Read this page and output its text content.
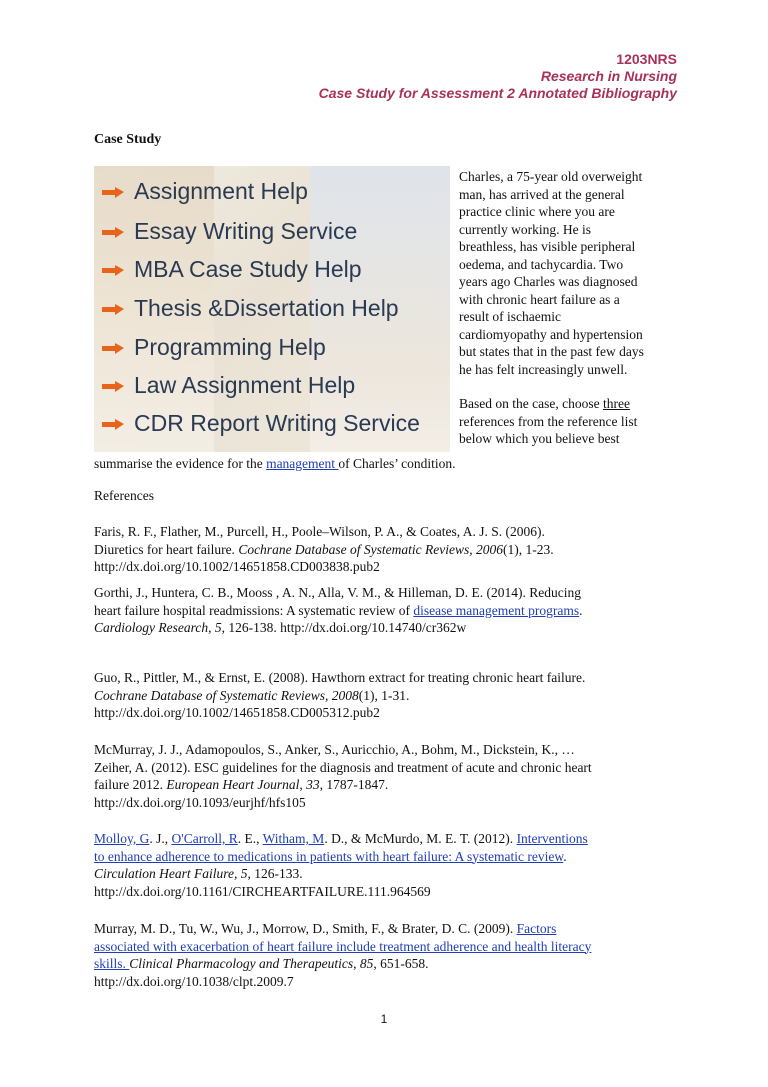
1203NRS
Research in Nursing
Case Study for Assessment 2 Annotated Bibliography
Case Study
Assignment Help
Essay Writing Service
MBA Case Study Help
Thesis &Dissertation Help
Programming Help
Law Assignment Help
CDR Report Writing Service

Charles, a 75-year old overweight

man, has arrived at the general

practice clinic where you are

currently working. He is

breathless, has visible peripheral

oedema, and tachycardia. Two

years ago Charles was diagnosed

with chronic heart failure as a

result of ischaemic

cardiomyopathy and hypertension

but states that in the past few days

he has felt increasingly unwell.

Based on the case, choose three

references from the reference list

below which you believe best

summarise the evidence for the management of Charles’ condition.
References

Faris, R. F., Flather, M., Purcell, H., Poole–Wilson, P. A., & Coates, A. J. S. (2006).

Diuretics for heart failure. Cochrane Database of Systematic Reviews, 2006(1), 1-23.

http://dx.doi.org/10.1002/14651858.CD003838.pub2

Gorthi, J., Huntera, C. B., Mooss , A. N., Alla, V. M., & Hilleman, D. E. (2014). Reducing

heart failure hospital readmissions: A systematic review of disease management programs.

Cardiology Research, 5, 126-138. http://dx.doi.org/10.14740/cr362w

Guo, R., Pittler, M., & Ernst, E. (2008). Hawthorn extract for treating chronic heart failure.

Cochrane Database of Systematic Reviews, 2008(1), 1-31.

http://dx.doi.org/10.1002/14651858.CD005312.pub2

McMurray, J. J., Adamopoulos, S., Anker, S., Auricchio, A., Bohm, M., Dickstein, K., …

Zeiher, A. (2012). ESC guidelines for the diagnosis and treatment of acute and chronic heart

failure 2012. European Heart Journal, 33, 1787-1847.

http://dx.doi.org/10.1093/eurjhf/hfs105

Molloy, G. J., O'Carroll, R. E., Witham, M. D., & McMurdo, M. E. T. (2012). Interventions

to enhance adherence to medications in patients with heart failure: A systematic review.

Circulation Heart Failure, 5, 126-133.

http://dx.doi.org/10.1161/CIRCHEARTFAILURE.111.964569

Murray, M. D., Tu, W., Wu, J., Morrow, D., Smith, F., & Brater, D. C. (2009). Factors

associated with exacerbation of heart failure include treatment adherence and health literacy

skills. Clinical Pharmacology and Therapeutics, 85, 651-658.

http://dx.doi.org/10.1038/clpt.2009.7

1
